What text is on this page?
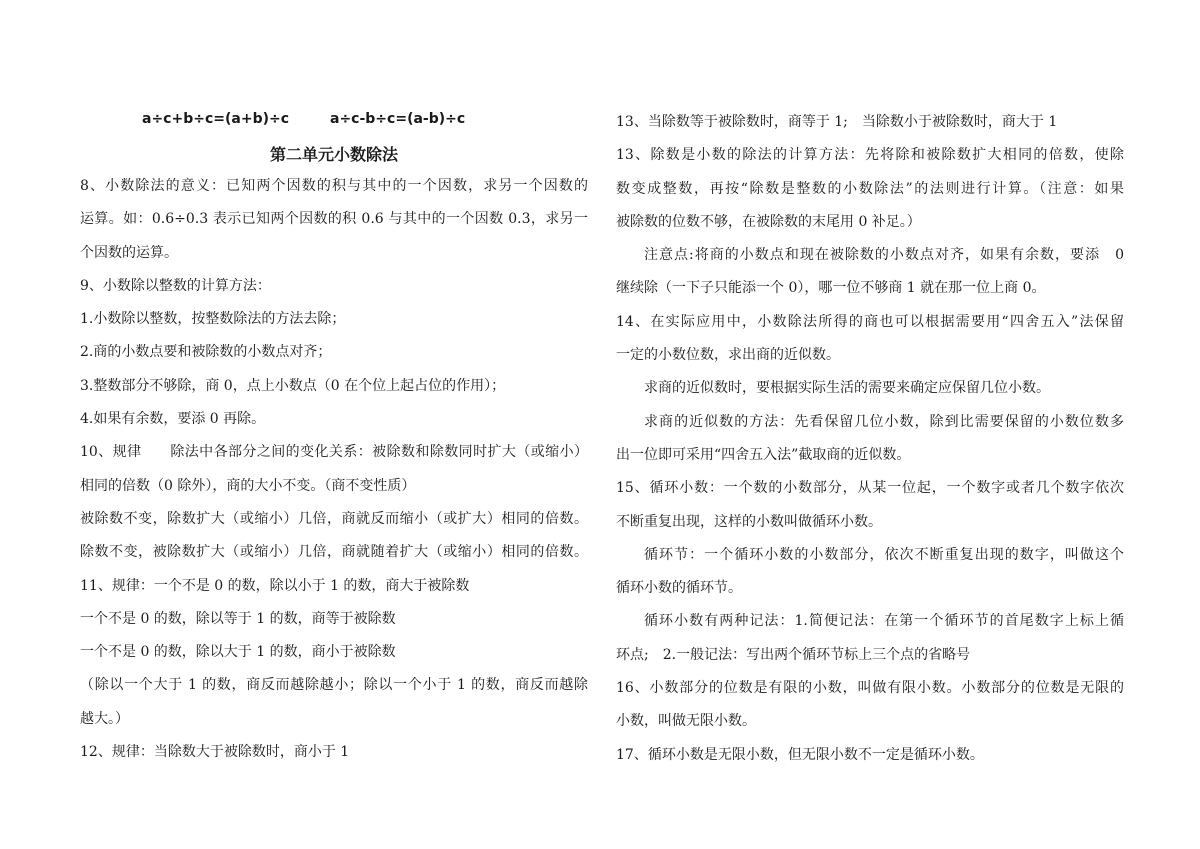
a÷c+b÷c=(a+b)÷c	a÷c-b÷c=(a-b)÷c
第二单元小数除法
8、小数除法的意义：已知两个因数的积与其中的一个因数，求另一个因数的
运算。如：0.6÷0.3 表示已知两个因数的积 0.6 与其中的一个因数 0.3，求另一
个因数的运算。
9、小数除以整数的计算方法：
1.小数除以整数，按整数除法的方法去除；
2.商的小数点要和被除数的小数点对齐；
3.整数部分不够除，商 0，点上小数点（0 在个位上起占位的作用）；
4.如果有余数，要添 0 再除。
10、规律　　除法中各部分之间的变化关系：被除数和除数同时扩大（或缩小）
相同的倍数（0 除外），商的大小不变。（商不变性质）
被除数不变，除数扩大（或缩小）几倍，商就反而缩小（或扩大）相同的倍数。
除数不变，被除数扩大（或缩小）几倍，商就随着扩大（或缩小）相同的倍数。
11、规律：一个不是 0 的数，除以小于 1 的数，商大于被除数
一个不是 0 的数，除以等于 1 的数，商等于被除数
一个不是 0 的数，除以大于 1 的数，商小于被除数
（除以一个大于 1 的数，商反而越除越小；除以一个小于 1 的数，商反而越除
越大。）
12、规律：当除数大于被除数时，商小于 1
13、当除数等于被除数时，商等于 1;　当除数小于被除数时，商大于 1
13、除数是小数的除法的计算方法：先将除和被除数扩大相同的倍数，使除
数变成整数，再按“除数是整数的小数除法”的法则进行计算。（注意：如果
被除数的位数不够，在被除数的末尾用 0 补足。）
注意点:将商的小数点和现在被除数的小数点对齐，如果有余数，要添　0
继续除（一下子只能添一个 0），哪一位不够商 1 就在那一位上商 0。
14、在实际应用中，小数除法所得的商也可以根据需要用“四舍五入”法保留
一定的小数位数，求出商的近似数。
求商的近似数时，要根据实际生活的需要来确定应保留几位小数。
求商的近似数的方法：先看保留几位小数，除到比需要保留的小数位数多
出一位即可采用“四舍五入法”截取商的近似数。
15、循环小数：一个数的小数部分，从某一位起，一个数字或者几个数字依次
不断重复出现，这样的小数叫做循环小数。
循环节：一个循环小数的小数部分，依次不断重复出现的数字，叫做这个
循环小数的循环节。
循环小数有两种记法：1.简便记法：在第一个循环节的首尾数字上标上循
环点;　2.一般记法：写出两个循环节标上三个点的省略号
16、小数部分的位数是有限的小数，叫做有限小数。小数部分的位数是无限的
小数，叫做无限小数。
17、循环小数是无限小数，但无限小数不一定是循环小数。
